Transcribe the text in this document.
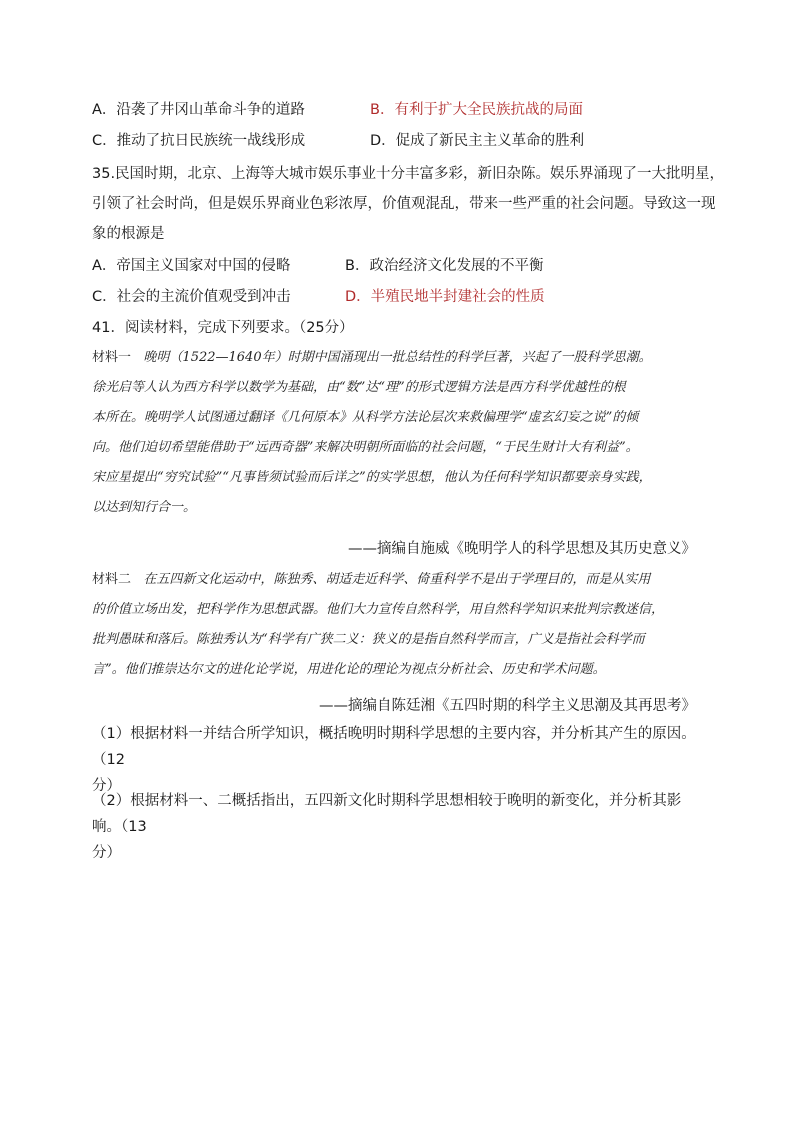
A．沿袭了井冈山革命斗争的道路	B．有利于扩大全民族抗战的局面
C．推动了抗日民族统一战线形成	D．促成了新民主主义革命的胜利
35.民国时期，北京、上海等大城市娱乐事业十分丰富多彩，新旧杂陈。娱乐界涌现了一大批明星，
引领了社会时尚，但是娱乐界商业色彩浓厚，价值观混乱，带来一些严重的社会问题。导致这一现
象的根源是
A．帝国主义国家对中国的侵略	B．政治经济文化发展的不平衡
C．社会的主流价值观受到冲击	D．半殖民地半封建社会的性质
41．阅读材料，完成下列要求。（25分）
材料一 晚明（1522—1640年）时期中国涌现出一批总结性的科学巨著，兴起了一股科学思潮。
徐光启等人认为西方科学以数学为基础，由“数”达“理”的形式逻辑方法是西方科学优越性的根
本所在。晚明学人试图通过翻译《几何原本》从科学方法论层次来救偏理学“虚玄幻妄之说”的倾
向。他们迫切希望能借助于“远西奇器”来解决明朝所面临的社会问题，“于民生财计大有利益”。
宋应星提出“穷究试验”“凡事皆须试验而后详之”的实学思想，他认为任何科学知识都要亲身实践，
以达到知行合一。
——摘编自施威《晚明学人的科学思想及其历史意义》
材料二 在五四新文化运动中，陈独秀、胡适走近科学、倚重科学不是出于学理目的，而是从实用
的价值立场出发，把科学作为思想武器。他们大力宣传自然科学，用自然科学知识来批判宗教迷信，
批判愚昧和落后。陈独秀认为“科学有广狭二义：狭义的是指自然科学而言，广义是指社会科学而
言”。他们推崇达尔文的进化论学说，用进化论的理论为视点分析社会、历史和学术问题。
——摘编自陈廷湘《五四时期的科学主义思潮及其再思考》
（1）根据材料一并结合所学知识，概括晚明时期科学思想的主要内容，并分析其产生的原因。（12
分）
（2）根据材料一、二概括指出，五四新文化时期科学思想相较于晚明的新变化，并分析其影响。（13
分）
